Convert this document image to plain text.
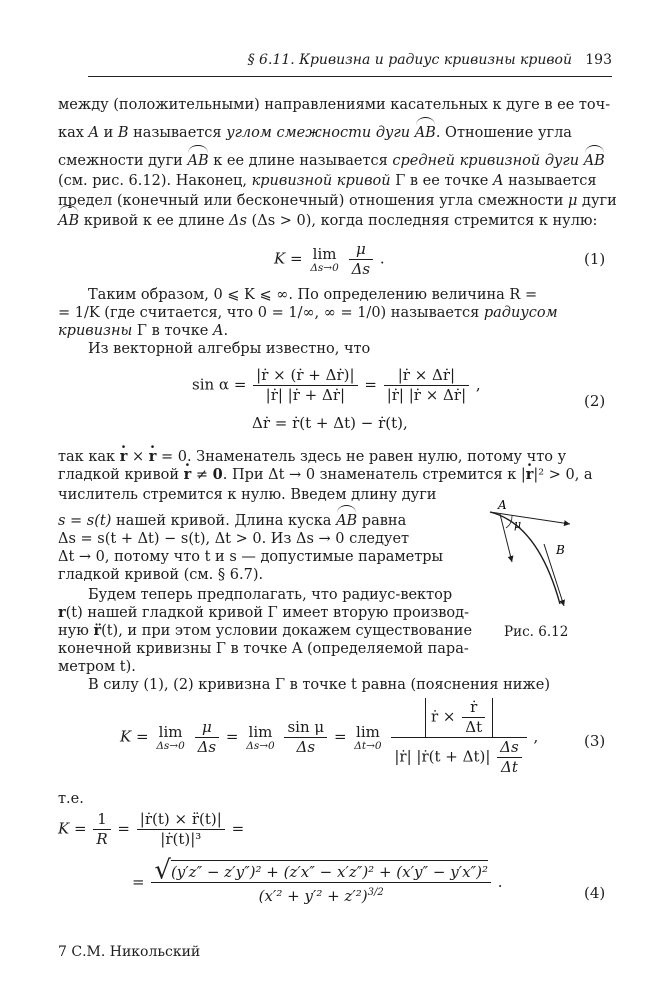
§ 6.11. Кривизна и радиус кривизны кривой 193
между (положительными) направлениями касательных к дуге в ее точ-
ках A и B называется углом смежности дуги AB. Отношение угла
смежности дуги AB к ее длине называется средней кривизной дуги AB
(см. рис. 6.12). Наконец, кривизной кривой Γ в ее точке A называется
предел (конечный или бесконечный) отношения угла смежности μ дуги
AB кривой к ее длине Δs (Δs > 0), когда последняя стремится к нулю:
K = lim
Δs→0
$\frac{\mu}{\Delta s}$ .	(1)
Таким образом, 0 ⩽ K ⩽ ∞. По определению величина R =
= 1/K (где считается, что 0 = 1/∞, ∞ = 1/0) называется радиусом
кривизны Γ в точке A.
Из векторной алгебры известно, что
$\sin \alpha = \frac{\text{|ṙ × (ṙ + Δṙ)|}}{\text{|ṙ| |ṙ + Δṙ|}} = \frac{\text{|ṙ × Δṙ|}}{\text{|ṙ| |ṙ × Δṙ|}}$ ,
Δṙ = ṙ(t + Δt) − ṙ(t),
(2)
так как r · × r · = 0. Знаменатель здесь не равен нулю, потому что у
гладкой кривой r · ≠ 0. При Δt → 0 знаменатель стремится к |r ·|² > 0, а
числитель стремится к нулю. Введем длину дуги
s = s(t) нашей кривой. Длина куска AB равна
Δs = s(t + Δt) − s(t), Δt > 0. Из Δs → 0 следует
Δt → 0, потому что t и s — допустимые параметры
гладкой кривой (см. § 6.7).
Будем теперь предполагать, что радиус-вектор
r(t) нашей гладкой кривой Γ имеет вторую производ-
ную r̈(t), и при этом условии докажем существование
конечной кривизны Γ в точке A (определяемой пара-
метром t).
В силу (1), (2) кривизна Γ в точке t равна (пояснения ниже)
A
μ
B
Рис. 6.12
K = lim
Δs→0
$\frac{\mu}{\Delta s} = \lim$
Δs→0
$\frac{\text{sin μ}}{\Delta s} = \lim$
Δt→0
$\frac{ṙ \times \frac{\text{ṙ}}{\Delta t}}{|ṙ| |ṙ(t + \Delta t)| \frac{\Delta s}{\Delta t}}$ ,	(3)
т.е.
$K = \frac{1}{R} = \frac{\text{|ṙ(t) × r̈(t)|}}{\text{|ṙ(t)|³}}$ =
= $\frac{\text{√(y′z″ − z′y″)² + (z′x″ − x′z″)² + (x′y″ − y′x″)²}}{(x'^2 + y'^2 + z'^2)^{3/2}}$ .
(4)
7 С.М. Никольский
